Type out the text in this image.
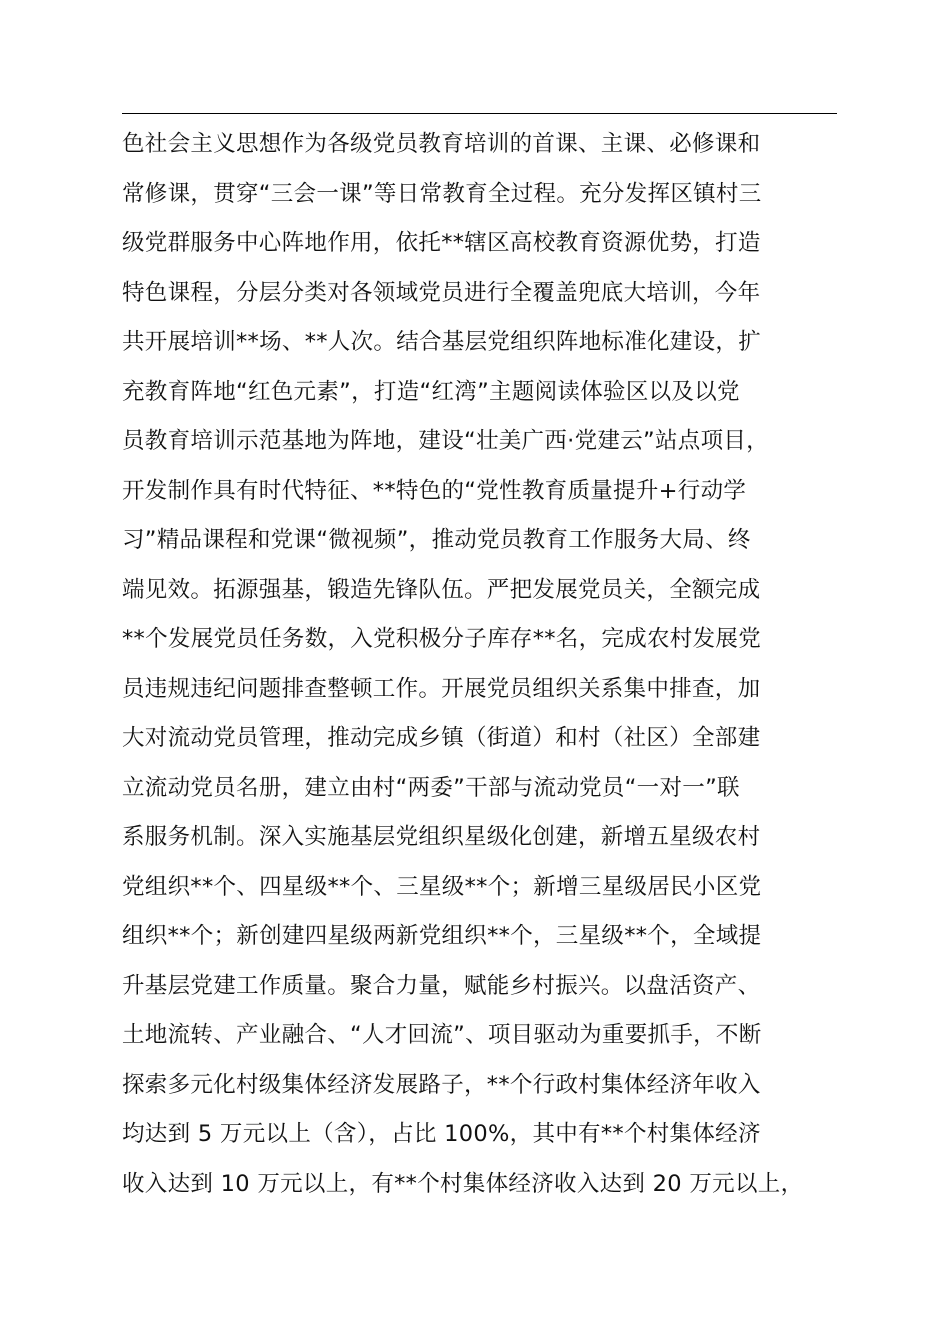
色社会主义思想作为各级党员教育培训的首课、主课、必修课和
常修课，贯穿“三会一课”等日常教育全过程。充分发挥区镇村三
级党群服务中心阵地作用，依托**辖区高校教育资源优势，打造
特色课程，分层分类对各领域党员进行全覆盖兜底大培训，今年
共开展培训**场、**人次。结合基层党组织阵地标准化建设，扩
充教育阵地“红色元素”，打造“红湾”主题阅读体验区以及以党
员教育培训示范基地为阵地，建设“壮美广西·党建云”站点项目，
开发制作具有时代特征、**特色的“党性教育质量提升+行动学
习”精品课程和党课“微视频”，推动党员教育工作服务大局、终
端见效。拓源强基，锻造先锋队伍。严把发展党员关，全额完成
**个发展党员任务数，入党积极分子库存**名，完成农村发展党
员违规违纪问题排查整顿工作。开展党员组织关系集中排查，加
大对流动党员管理，推动完成乡镇（街道）和村（社区）全部建
立流动党员名册，建立由村“两委”干部与流动党员“一对一”联
系服务机制。深入实施基层党组织星级化创建，新增五星级农村
党组织**个、四星级**个、三星级**个；新增三星级居民小区党
组织**个；新创建四星级两新党组织**个，三星级**个，全域提
升基层党建工作质量。聚合力量，赋能乡村振兴。以盘活资产、
土地流转、产业融合、“人才回流”、项目驱动为重要抓手，不断
探索多元化村级集体经济发展路子，**个行政村集体经济年收入
均达到 5 万元以上（含），占比 100%，其中有**个村集体经济
收入达到 10 万元以上，有**个村集体经济收入达到 20 万元以上，
